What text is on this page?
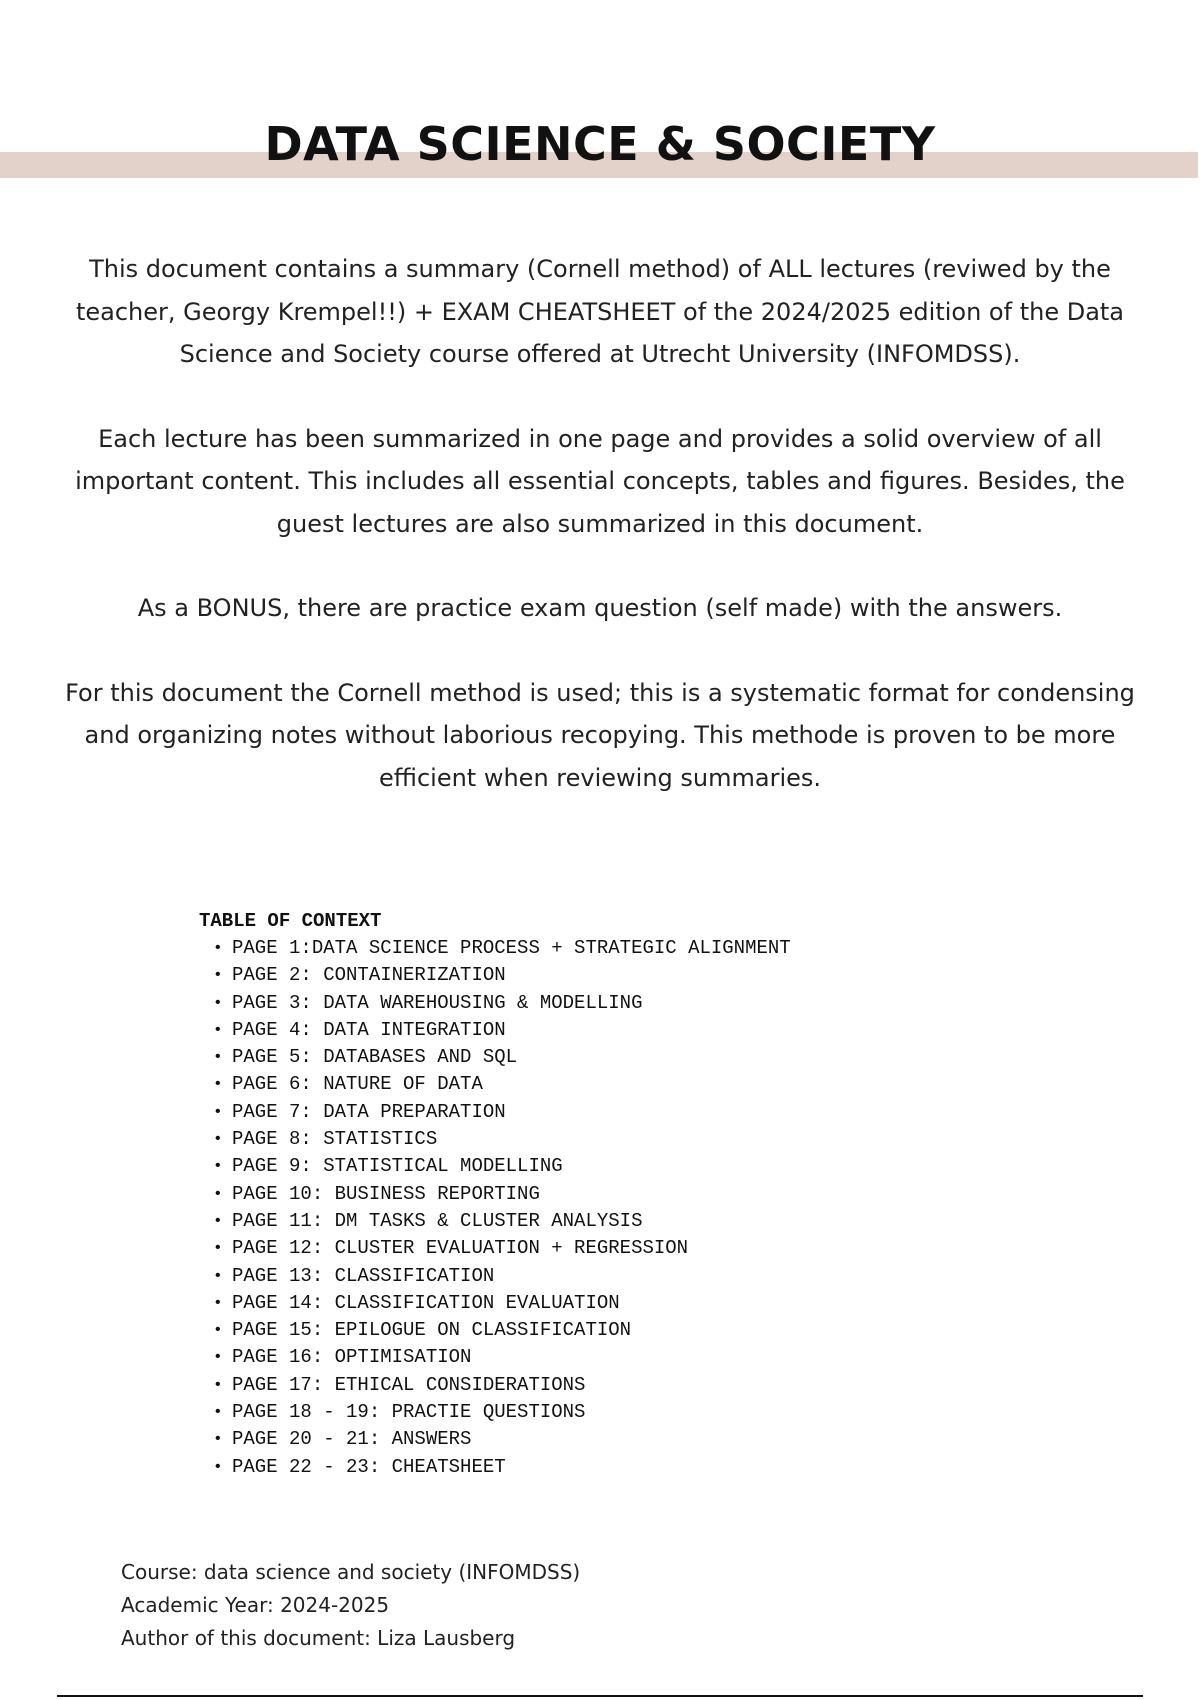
DATA SCIENCE & SOCIETY

This document contains a summary (Cornell method) of ALL lectures (reviwed by the teacher, Georgy Krempel!!) + EXAM CHEATSHEET of the 2024/2025 edition of the Data Science and Society course offered at Utrecht University (INFOMDSS).

Each lecture has been summarized in one page and provides a solid overview of all important content. This includes all essential concepts, tables and figures. Besides, the guest lectures are also summarized in this document.

As a BONUS, there are practice exam question (self made) with the answers.

For this document the Cornell method is used; this is a systematic format for condensing and organizing notes without laborious recopying. This methode is proven to be more efficient when reviewing summaries.

TABLE OF CONTEXT
• PAGE 1:DATA SCIENCE PROCESS + STRATEGIC ALIGNMENT
• PAGE 2: CONTAINERIZATION
• PAGE 3: DATA WAREHOUSING & MODELLING
• PAGE 4: DATA INTEGRATION
• PAGE 5: DATABASES AND SQL
• PAGE 6: NATURE OF DATA
• PAGE 7: DATA PREPARATION
• PAGE 8: STATISTICS
• PAGE 9: STATISTICAL MODELLING
• PAGE 10: BUSINESS REPORTING
• PAGE 11: DM TASKS & CLUSTER ANALYSIS
• PAGE 12: CLUSTER EVALUATION + REGRESSION
• PAGE 13: CLASSIFICATION
• PAGE 14: CLASSIFICATION EVALUATION
• PAGE 15: EPILOGUE ON CLASSIFICATION
• PAGE 16: OPTIMISATION
• PAGE 17: ETHICAL CONSIDERATIONS
• PAGE 18 - 19: PRACTIE QUESTIONS
• PAGE 20 - 21: ANSWERS
• PAGE 22 - 23: CHEATSHEET
Course: data science and society (INFOMDSS)
Academic Year: 2024-2025
Author of this document: Liza Lausberg
